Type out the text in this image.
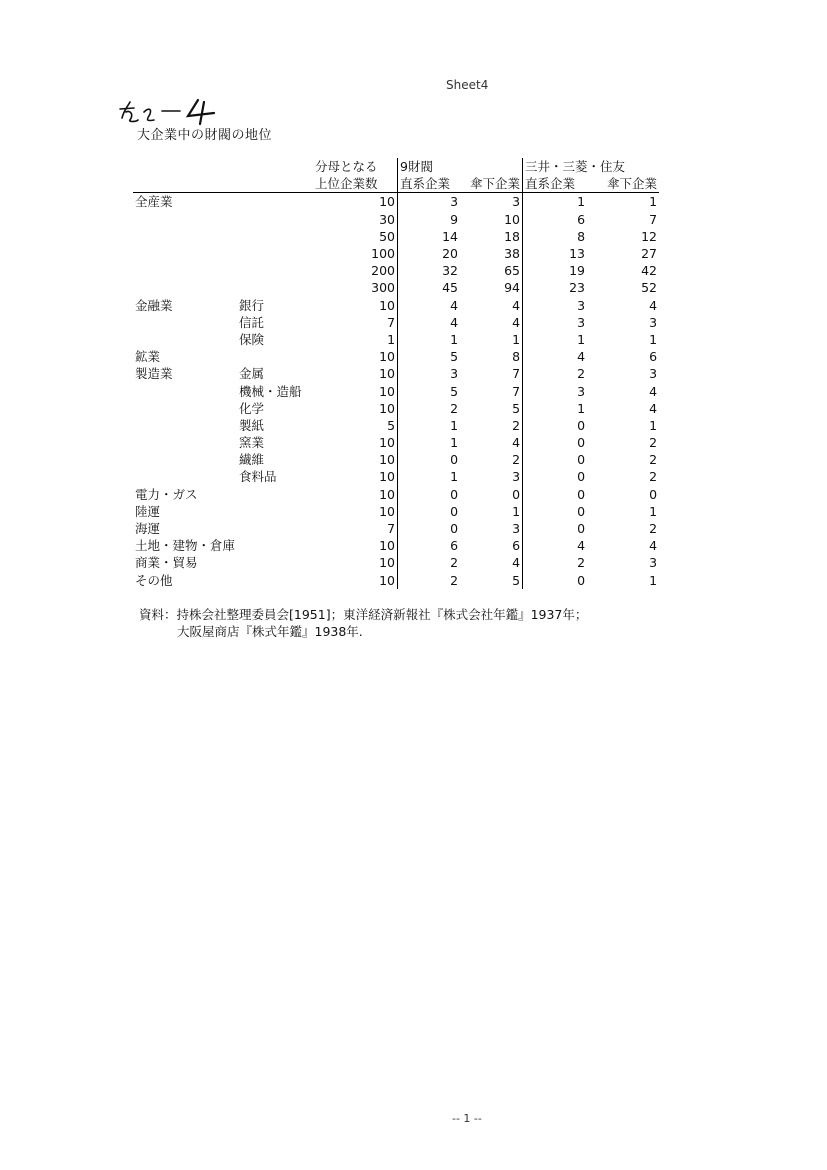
Sheet4
大企業中の財閥の地位
		分母となる	9財閥		三井・三菱・住友	
		上位企業数	直系企業	傘下企業	直系企業	傘下企業
全産業		10	3	3	1	1
		30	9	10	6	7
		50	14	18	8	12
		100	20	38	13	27
		200	32	65	19	42
		300	45	94	23	52
金融業	銀行	10	4	4	3	4
	信託	7	4	4	3	3
	保険	1	1	1	1	1
鉱業		10	5	8	4	6
製造業	金属	10	3	7	2	3
	機械・造船	10	5	7	3	4
	化学	10	2	5	1	4
	製紙	5	1	2	0	1
	窯業	10	1	4	0	2
	繊維	10	0	2	0	2
	食料品	10	1	3	0	2
電力・ガス		10	0	0	0	0
陸運		10	0	1	0	1
海運		7	0	3	0	2
土地・建物・倉庫		10	6	6	4	4
商業・貿易		10	2	4	2	3
その他		10	2	5	0	1
資料：持株会社整理委員会[1951]；東洋経済新報社『株式会社年鑑』1937年；
大阪屋商店『株式年鑑』1938年.
-- 1 --
